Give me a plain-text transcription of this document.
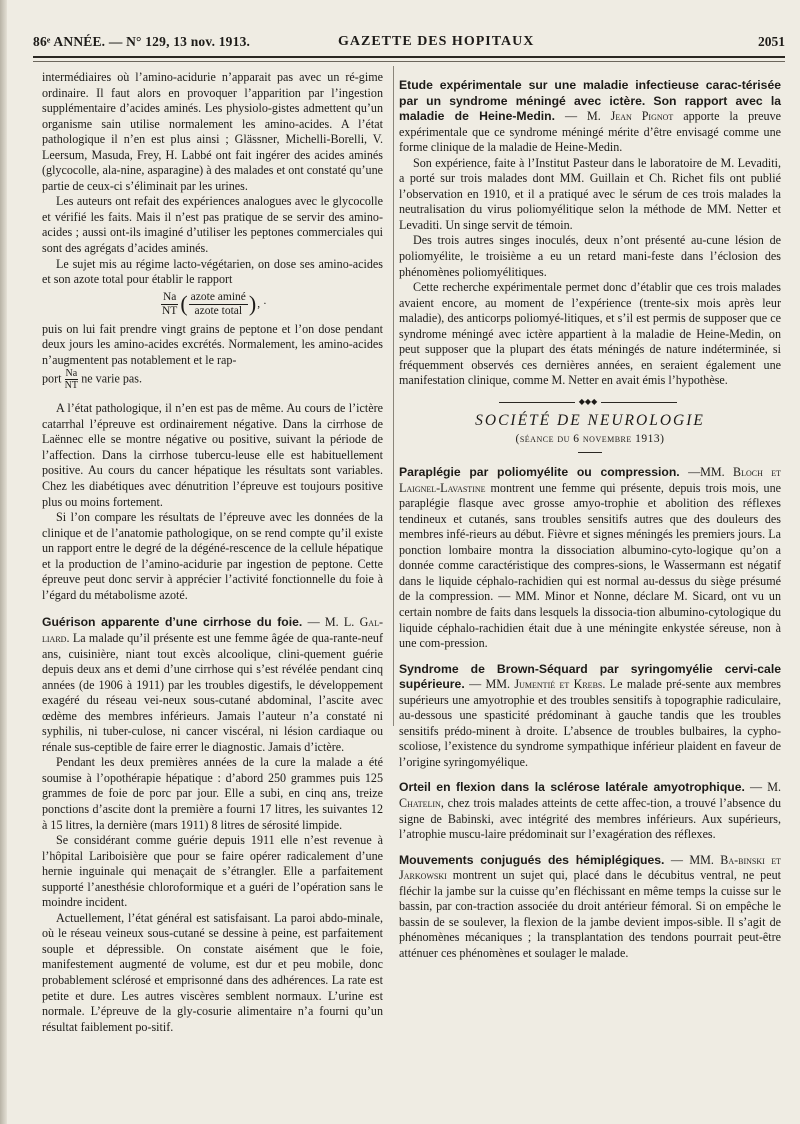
86ᵉ ANNÉE. — N° 129, 13 nov. 1913.	GAZETTE DES HOPITAUX	2051

intermédiaires où l’amino-acidurie n’apparait pas avec un ré-gime ordinaire. Il faut alors en provoquer l’apparition par l’ingestion supplémentaire d’acides aminés. Les physiolo-gistes admettent qu’un organisme sain utilise normalement les amino-acides. A l’état pathologique il n’en est plus ainsi ; Glässner, Michelli-Borelli, V. Leersum, Masuda, Frey, H. Labbé ont fait ingérer des acides aminés (glycocolle, ala-nine, asparagine) à des malades et ont constaté qu’une partie de ceux-ci s’éliminait par les urines.

Les auteurs ont refait des expériences analogues avec le glycocolle et vérifié les faits. Mais il n’est pas pratique de se servir des amino-acides ; aussi ont-ils imaginé d’utiliser les peptones commerciales qui sont des agrégats d’acides aminés.

Le sujet mis au régime lacto-végétarien, on dose ses amino-acides et son azote total pour établir le rapport

$\frac{Na}{NT}$ ( $\frac{\text{azote aminé}}{\text{azote total}}$ ) , ·

puis on lui fait prendre vingt grains de peptone et l’on dose pendant deux jours les amino-acides excrétés. Normalement, les amino-acides n’augmentent pas notablement et le rap-

port $\frac{Na}{NT}$ ne varie pas.

A l’état pathologique, il n’en est pas de même. Au cours de l’ictère catarrhal l’épreuve est ordinairement négative. Dans la cirrhose de Laënnec elle se montre négative ou positive, suivant la période de l’affection. Dans la cirrhose tubercu-leuse elle est habituellement positive. Au cours du cancer hépatique les résultats sont variables. Chez les diabétiques avec dénutrition l’épreuve est toujours positive plus ou moins fortement.

Si l’on compare les résultats de l’épreuve avec les données de la clinique et de l’anatomie pathologique, on se rend compte qu’il existe un rapport entre le degré de la dégéné-rescence de la cellule hépatique et la production de l’amino-acidurie par ingestion de peptone. Cette épreuve peut donc servir à apprécier l’activité fonctionnelle du foie à l’égard du métabolisme azoté.

Guérison apparente d’une cirrhose du foie. — M. L. Gal-liard. La malade qu’il présente est une femme âgée de qua-rante-neuf ans, cuisinière, niant tout excès alcoolique, clini-quement guérie depuis deux ans et demi d’une cirrhose qui s’est révélée pendant cinq années (de 1906 à 1911) par les troubles digestifs, le développement exagéré du réseau vei-neux sous-cutané abdominal, l’ascite avec œdème des membres inférieurs. Jamais l’auteur n’a constaté ni syphilis, ni tuber-culose, ni cancer viscéral, ni lésion cardiaque ou rénale sus-ceptible de faire errer le diagnostic. Jamais d’ictère.

Pendant les deux premières années de la cure la malade a été soumise à l’opothérapie hépatique : d’abord 250 grammes puis 125 grammes de foie de porc par jour. Elle a subi, en cinq ans, treize ponctions d’ascite dont la première a fourni 17 litres, les suivantes 12 à 15 litres, la dernière (mars 1911) 8 litres de sérosité limpide.

Se considérant comme guérie depuis 1911 elle n’est revenue à l’hôpital Lariboisière que pour se faire opérer radicalement d’une hernie inguinale qui menaçait de s’étrangler. Elle a parfaitement supporté l’anesthésie chloroformique et a guéri de l’opération sans le moindre incident.

Actuellement, l’état général est satisfaisant. La paroi abdo-minale, où le réseau veineux sous-cutané se dessine à peine, est parfaitement souple et dépressible. On constate aisément que le foie, manifestement augmenté de volume, est dur et peu mobile, donc probablement sclérosé et emprisonné dans des adhérences. La rate est petite et dure. Les autres viscères semblent normaux. L’urine est normale. L’épreuve de la gly-cosurie alimentaire n’a fourni qu’un résultat faiblement po-sitif.

Etude expérimentale sur une maladie infectieuse carac-térisée par un syndrome méningé avec ictère. Son rapport avec la maladie de Heine-Medin. — M. Jean Pignot apporte la preuve expérimentale que ce syndrome méningé mérite d’être envisagé comme une forme clinique de la maladie de Heine-Medin.

Son expérience, faite à l’Institut Pasteur dans le laboratoire de M. Levaditi, a porté sur trois malades dont MM. Guillain et Ch. Richet fils ont publié l’observation en 1910, et il a pratiqué avec le sérum de ces trois malades la neutralisation du virus poliomyélitique selon la méthode de MM. Netter et Levaditi. Un singe servit de témoin.

Des trois autres singes inoculés, deux n’ont présenté au-cune lésion de poliomyélite, le troisième a eu un retard mani-feste dans l’éclosion des phénomènes poliomyélitiques.

Cette recherche expérimentale permet donc d’établir que ces trois malades avaient encore, au moment de l’expérience (trente-six mois après leur maladie), des anticorps poliomyé-litiques, et s’il est permis de supposer que ce syndrome méningé avec ictère appartient à la maladie de Heine-Medin, on peut supposer que la plupart des états méningés de nature indéterminée, si fréquemment observés ces dernières années, en seraient également une manifestation clinique, comme M. Netter en avait émis l’hypothèse.

◆◆◆
SOCIÉTÉ DE NEUROLOGIE
(séance du 6 novembre 1913)

Paraplégie par poliomyélite ou compression. —MM. Bloch et Laignel-Lavastine montrent une femme qui présente, depuis trois mois, une paraplégie flasque avec grosse amyo-trophie et abolition des réflexes tendineux et cutanés, sans troubles sensitifs autres que des douleurs des membres infé-rieurs au début. Fièvre et signes méningés les premiers jours. La ponction lombaire montra la dissociation albumino-cyto-logique qu’on a donnée comme caractéristique des compres-sions, le Wassermann est négatif dans le liquide céphalo-rachidien qui est normal au-dessus du siège présumé de la compression. — MM. Minor et Nonne, déclare M. Sicard, ont vu un certain nombre de faits dans lesquels la dissocia-tion albumino-cytologique du liquide céphalo-rachidien était due à une méningite enkystée séreuse, non à une com-pression.

Syndrome de Brown-Séquard par syringomyélie cervi-cale supérieure. — MM. Jumentié et Krebs. Le malade pré-sente aux membres supérieurs une amyotrophie et des troubles sensitifs à topographie radiculaire, au-dessous une spasticité prédominant à gauche tandis que les troubles sensitifs prédo-minent à droite. L’absence de troubles bulbaires, la cypho-scoliose, l’existence du syndrome sympathique inférieur plaident en faveur de l’origine syringomyélique.

Orteil en flexion dans la sclérose latérale amyotrophique. — M. Chatelin, chez trois malades atteints de cette affec-tion, a trouvé l’absence du signe de Babinski, avec intégrité des membres inférieurs. Aux supérieurs, l’atrophie muscu-laire prédominait sur l’exagération des réflexes.

Mouvements conjugués des hémiplégiques. — MM. Ba-binski et Jarkowski montrent un sujet qui, placé dans le décubitus ventral, ne peut fléchir la jambe sur la cuisse qu’en fléchissant en même temps la cuisse sur le bassin, par con-traction associée du droit antérieur fémoral. Si on empêche le bassin de se soulever, la flexion de la jambe devient impos-sible. Il s’agit de phénomènes mécaniques ; la transplantation des tendons pourrait peut-être atténuer ces phénomènes et soulager le malade.
